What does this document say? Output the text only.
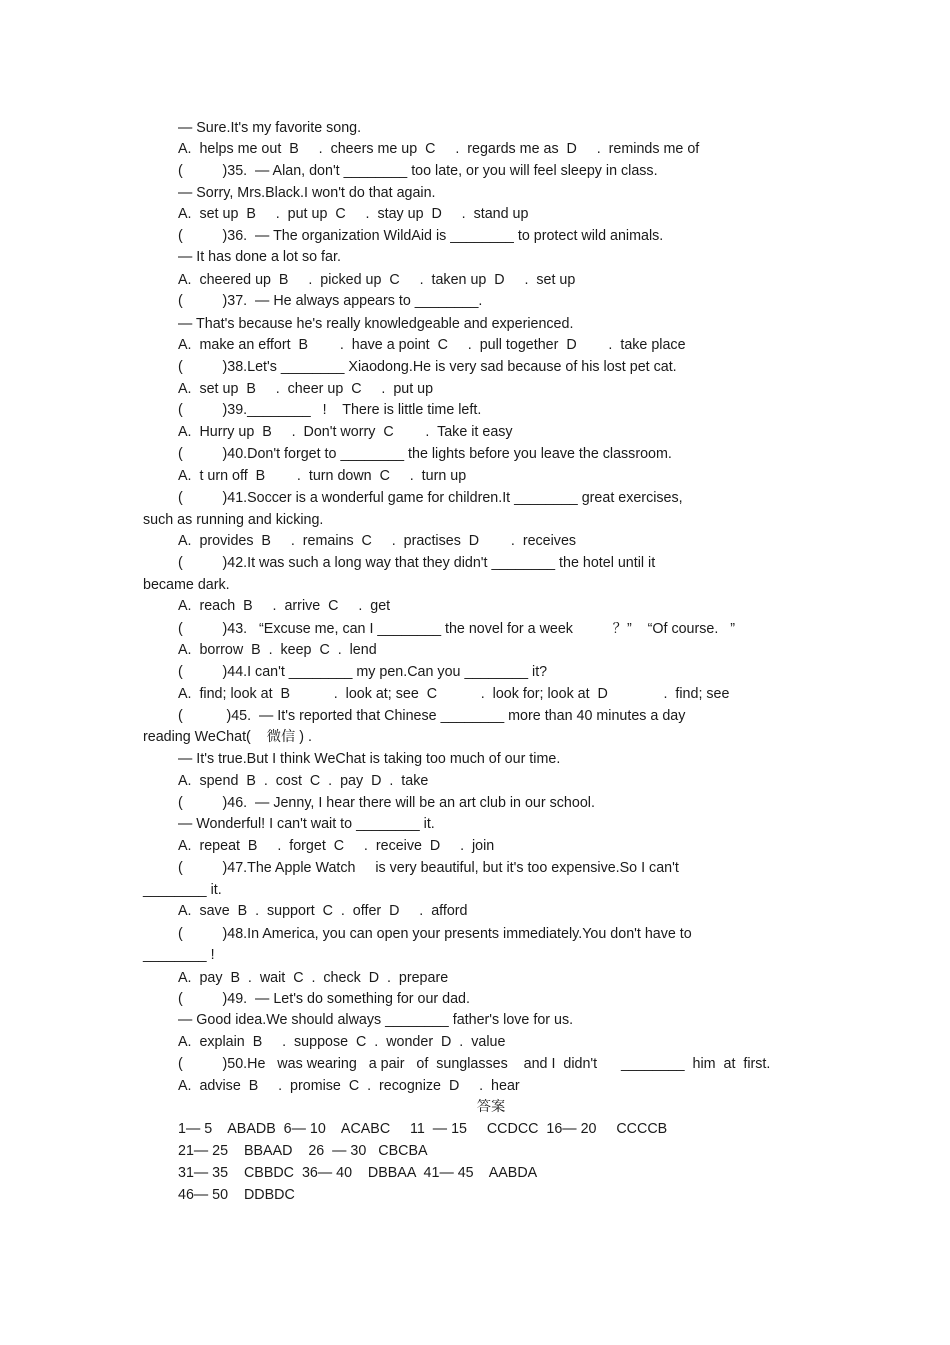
— Sure.It's my favorite song.
A.  helps me out  B     .  cheers me up  C     .  regards me as  D     .  reminds me of
(          )35.  — Alan, don't ________ too late, or you will feel sleepy in class.
— Sorry, Mrs.Black.I won't do that again.
A.  set up  B     .  put up  C     .  stay up  D     .  stand up
(          )36.  — The organization WildAid is ________ to protect wild animals.
— It has done a lot so far.
A.  cheered up  B     .  picked up  C     .  taken up  D     .  set up
(          )37.  — He always appears to ________.
— That's because he's really knowledgeable and experienced.
A.  make an effort  B        .  have a point  C     .  pull together  D        .  take place
(          )38.Let's ________ Xiaodong.He is very sad because of his lost pet cat.
A.  set up  B     .  cheer up  C     .  put up
(          )39.________   !    There is little time left.
A.  Hurry up  B     .  Don't worry  C        .  Take it easy
(          )40.Don't forget to ________ the lights before you leave the classroom.
A.  t urn off  B        .  turn down  C     .  turn up
(          )41.Soccer is a wonderful game for children.It ________ great exercises,
such as running and kicking.
A.  provides  B     .  remains  C     .  practises  D        .  receives
(          )42.It was such a long way that they didn't ________ the hotel until it
became dark.
A.  reach  B     .  arrive  C     .  get
(          )43.   “Excuse me, can I ________ the novel for a week          ？”    “Of course.   ”
A.  borrow  B  .  keep  C  .  lend
(          )44.I can't ________ my pen.Can you ________ it?
A.  find; look at  B           .  look at; see  C           .  look for; look at  D              .  find; see
(           )45.  — It's reported that Chinese ________ more than 40 minutes a day
reading WeChat(    微信 ) .
— It's true.But I think WeChat is taking too much of our time.
A.  spend  B  .  cost  C  .  pay  D  .  take
(          )46.  — Jenny, I hear there will be an art club in our school.
— Wonderful! I can't wait to ________ it.
A.  repeat  B     .  forget  C     .  receive  D     .  join
(          )47.The Apple Watch     is very beautiful, but it's too expensive.So I can't
________ it.
A.  save  B  .  support  C  .  offer  D     .  afford
(          )48.In America, you can open your presents immediately.You don't have to
________ !
A.  pay  B  .  wait  C  .  check  D  .  prepare
(          )49.  — Let's do something for our dad.
— Good idea.We should always ________ father's love for us.
A.  explain  B     .  suppose  C  .  wonder  D  .  value
(          )50.He   was wearing   a pair   of  sunglasses    and I  didn't      ________  him  at  first.
A.  advise  B     .  promise  C  .  recognize  D     .  hear
答案
1— 5    ABADB  6— 10    ACABC     11  — 15     CCDCC  16— 20     CCCCB
21— 25    BBAAD    26  — 30   CBCBA
31— 35    CBBDC  36— 40    DBBAA  41— 45    AABDA
46— 50    DDBDC
